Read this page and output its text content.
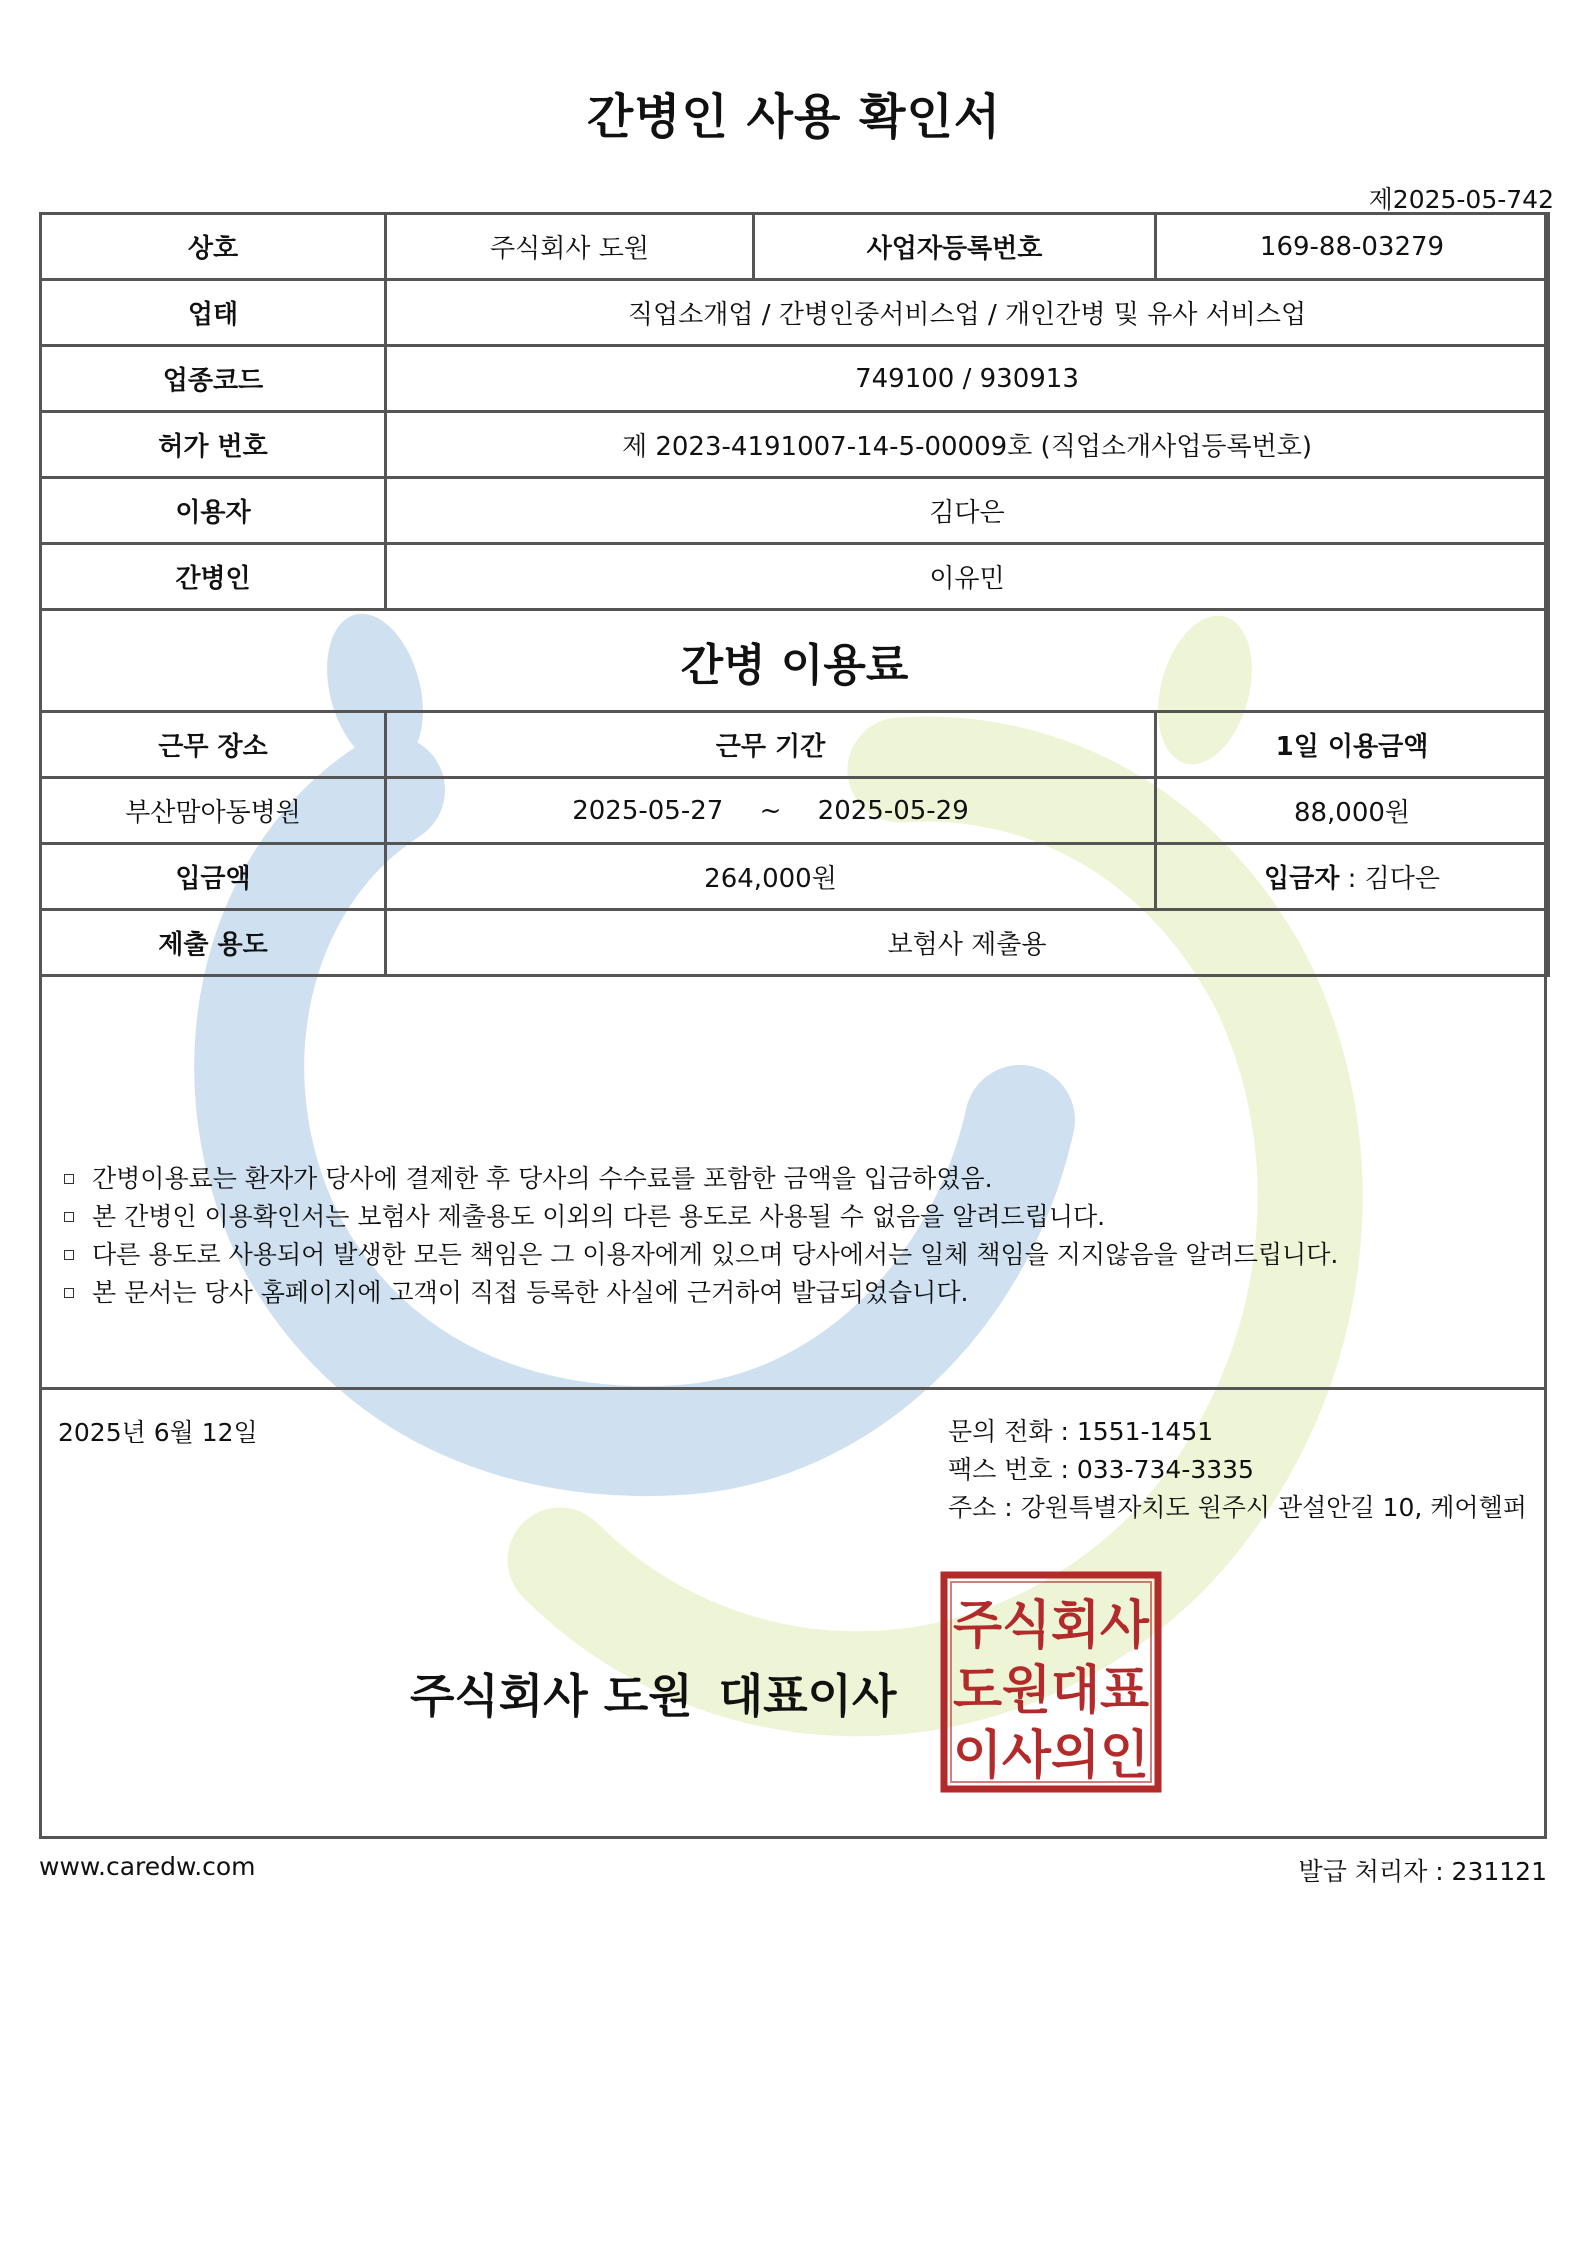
간병인 사용 확인서
제2025-05-742
상호	주식회사 도원	사업자등록번호	169-88-03279
업태	직업소개업 / 간병인중서비스업 / 개인간병 및 유사 서비스업		
업종코드	749100 / 930913		
허가 번호	제 2023-4191007-14-5-00009호 (직업소개사업등록번호)		
이용자	김다은		
간병인	이유민		
간병 이용료			
근무 장소	근무 기간		1일 이용금액
부산맘아동병원	2025-05-27 ~ 2025-05-29		88,000원
입금액	264,000원		입금자 : 김다은
제출 용도	보험사 제출용		
간병이용료는 환자가 당사에 결제한 후 당사의 수수료를 포함한 금액을 입금하였음.
본 간병인 이용확인서는 보험사 제출용도 이외의 다른 용도로 사용될 수 없음을 알려드립니다.
다른 용도로 사용되어 발생한 모든 책임은 그 이용자에게 있으며 당사에서는 일체 책임을 지지않음을 알려드립니다.
본 문서는 당사 홈페이지에 고객이 직접 등록한 사실에 근거하여 발급되었습니다.
2025년 6월 12일	문의 전화 : 1551-1451
팩스 번호 : 033-734-3335
주소 : 강원특별자치도 원주시 관설안길 10, 케어헬퍼
주식회사 도원 대표이사
주식회사
도원대표
이사의인
www.caredw.com	발급 처리자 : 231121
